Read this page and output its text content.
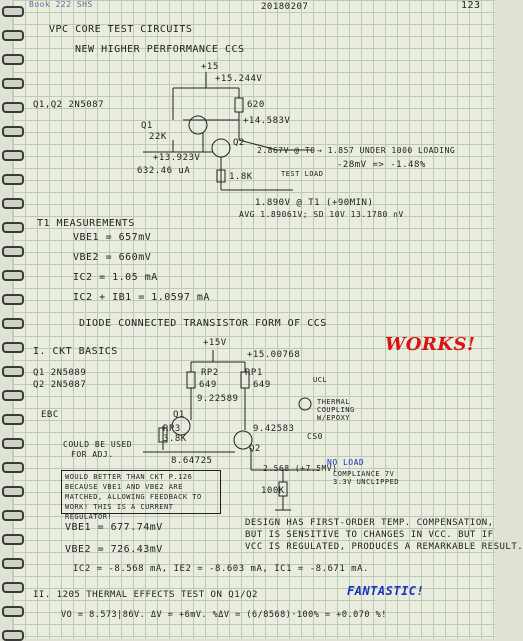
Book 222 SHS	20180207	123
VPC CORE TEST CIRCUITS
NEW HIGHER PERFORMANCE CCS
+15
+15.244V
Q1,Q2 2N5087	620
+14.583V
Q1
22K
Q2
+13.923V
632.46 uA
2.867V @ T0 → 1.857 UNDER 1000 LOADING
-28mV => -1.48%
TEST LOAD
1.8K
1.890V @ T1 (+90MIN)
AVG 1.89061V; SD 10V 13.1780 nV
T1 MEASUREMENTS
VBE1 = 657mV
VBE2 = 660mV
IC2 = 1.05 mA
IC2 + IB1 = 1.0597 mA
DIODE CONNECTED TRANSISTOR FORM OF CCS
I. CKT BASICS
+15V
+15.00768	WORKS!
Q1 2N5089
Q2 2N5087
RP2	RP1
649	649
9.22589
9.42583
Q1
Q2
RP3
3.8K
8.64725
THERMAL COUPLING W/EPOXY
EBC
COULD BE USED
FOR ADJ.
CS0
2.568 (+7.5MV)
NO LOAD
COMPLIANCE 7V 3.3V UNCLIPPED
100K
UCL
WOULD BETTER THAN CKT P.126 BECAUSE VBE1 AND VBE2 ARE MATCHED, ALLOWING FEEDBACK TO WORK! THIS IS A CURRENT REGULATOR!
VBE1 = 677.74mV
VBE2 = 726.43mV
DESIGN HAS FIRST-ORDER TEMP. COMPENSATION,
BUT IS SENSITIVE TO CHANGES IN VCC. BUT IF
VCC IS REGULATED, PRODUCES A REMARKABLE RESULT.
IC2 = -8.568 mA, IE2 = -8.603 mA, IC1 = -8.671 mA.
II. 1205 THERMAL EFFECTS TEST ON Q1/Q2	FANTASTIC!
VO = 8.573|86V. ΔV = +6mV. %ΔV = (6/8568)·100% = +0.070 %!
